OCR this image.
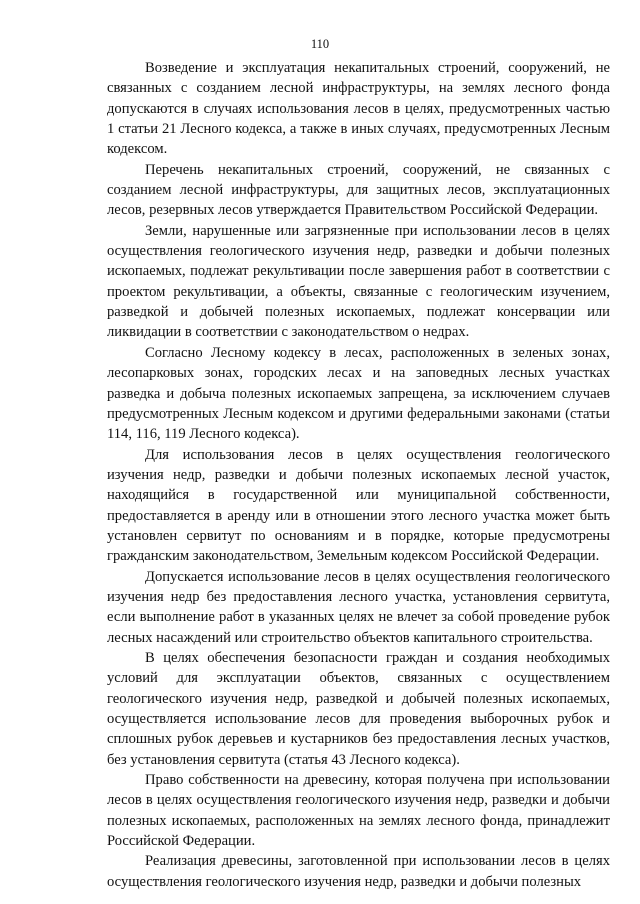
110

Возведение и эксплуатация некапитальных строений, сооружений, не связанных с созданием лесной инфраструктуры, на землях лесного фонда допускаются в случаях использования лесов в целях, предусмотренных частью 1 статьи 21 Лесного кодекса, а также в иных случаях, предусмотренных Лесным кодексом.

Перечень некапитальных строений, сооружений, не связанных с созданием лесной инфраструктуры, для защитных лесов, эксплуатационных лесов, резервных лесов утверждается Правительством Российской Федерации.

Земли, нарушенные или загрязненные при использовании лесов в целях осуществления геологического изучения недр, разведки и добычи полезных ископаемых, подлежат рекультивации после завершения работ в соответствии с проектом рекультивации, а объекты, связанные с геологическим изучением, разведкой и добычей полезных ископаемых, подлежат консервации или ликвидации в соответствии с законодательством о недрах.

Согласно Лесному кодексу в лесах, расположенных в зеленых зонах, лесопарковых зонах, городских лесах и на заповедных лесных участках разведка и добыча полезных ископаемых запрещена, за исключением случаев предусмотренных Лесным кодексом и другими федеральными законами (статьи 114, 116, 119 Лесного кодекса).

Для использования лесов в целях осуществления геологического изучения недр, разведки и добычи полезных ископаемых лесной участок, находящийся в государственной или муниципальной собственности, предоставляется в аренду или в отношении этого лесного участка может быть установлен сервитут по основаниям и в порядке, которые предусмотрены гражданским законодательством, Земельным кодексом Российской Федерации.

Допускается использование лесов в целях осуществления геологического изучения недр без предоставления лесного участка, установления сервитута, если выполнение работ в указанных целях не влечет за собой проведение рубок лесных насаждений или строительство объектов капитального строительства.

В целях обеспечения безопасности граждан и создания необходимых условий для эксплуатации объектов, связанных с осуществлением геологического изучения недр, разведкой и добычей полезных ископаемых, осуществляется использование лесов для проведения выборочных рубок и сплошных рубок деревьев и кустарников без предоставления лесных участков, без установления сервитута (статья 43 Лесного кодекса).

Право собственности на древесину, которая получена при использовании лесов в целях осуществления геологического изучения недр, разведки и добычи полезных ископаемых, расположенных на землях лесного фонда, принадлежит Российской Федерации.

Реализация древесины, заготовленной при использовании лесов в целях осуществления геологического изучения недр, разведки и добычи полезных
